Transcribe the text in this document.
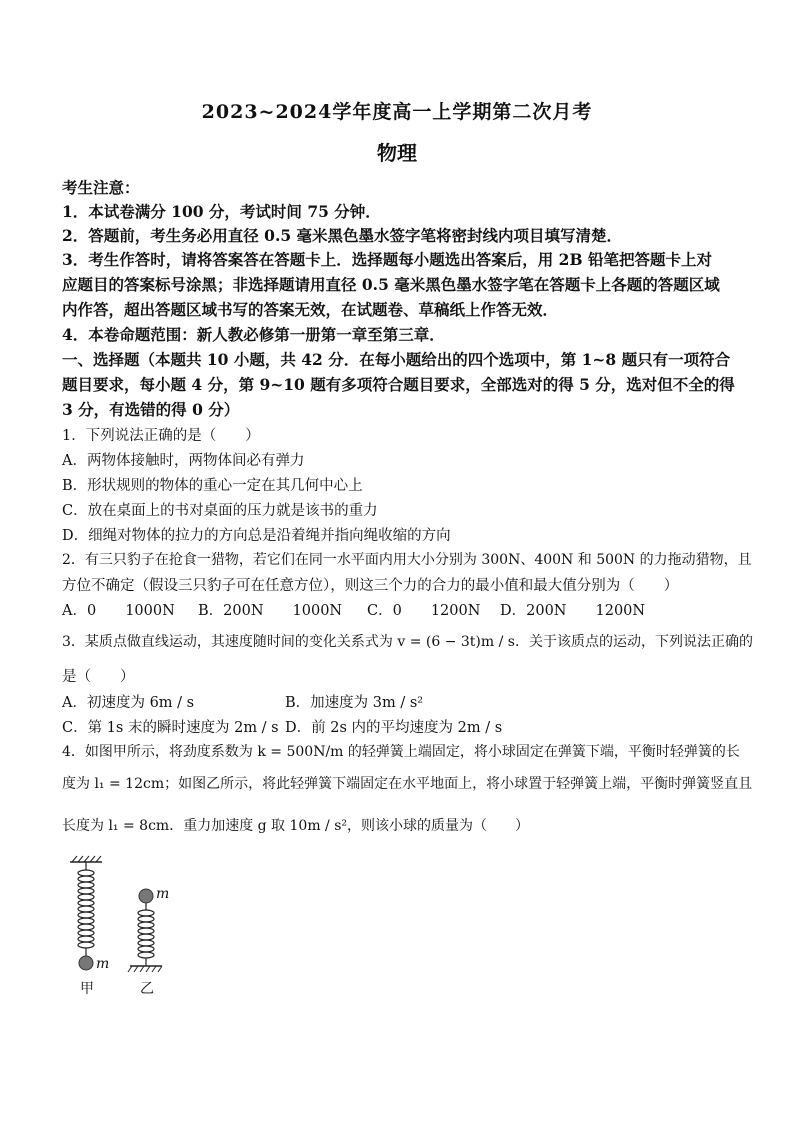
2023~2024学年度高一上学期第二次月考
物理
考生注意：
1．本试卷满分 100 分，考试时间 75 分钟．
2．答题前，考生务必用直径 0.5 毫米黑色墨水签字笔将密封线内项目填写清楚．
3．考生作答时，请将答案答在答题卡上．选择题每小题选出答案后，用 2B 铅笔把答题卡上对
应题目的答案标号涂黑；非选择题请用直径 0.5 毫米黑色墨水签字笔在答题卡上各题的答题区域
内作答，超出答题区域书写的答案无效，在试题卷、草稿纸上作答无效．
4．本卷命题范围：新人教必修第一册第一章至第三章．
一、选择题（本题共 10 小题，共 42 分．在每小题给出的四个选项中，第 1~8 题只有一项符合
题目要求，每小题 4 分，第 9~10 题有多项符合题目要求，全部选对的得 5 分，选对但不全的得
3 分，有选错的得 0 分）
1．下列说法正确的是（　　）
A．两物体接触时，两物体间必有弹力
B．形状规则的物体的重心一定在其几何中心上
C．放在桌面上的书对桌面的压力就是该书的重力
D．细绳对物体的拉力的方向总是沿着绳并指向绳收缩的方向
2．有三只豹子在抢食一猎物，若它们在同一水平面内用大小分别为 300N、400N 和 500N 的力拖动猎物，且
方位不确定（假设三只豹子可在任意方位），则这三个力的合力的最小值和最大值分别为（　　）
A．0　　1000N B．200N　　1000N C．0　　1200N D．200N　　1200N
3．某质点做直线运动，其速度随时间的变化关系式为 v = (6 − 3t)m / s．关于该质点的运动，下列说法正确的
是（　　）
A．初速度为 6m / s	B．加速度为 3m / s²
C．第 1s 末的瞬时速度为 2m / s D．前 2s 内的平均速度为 2m / s
4．如图甲所示，将劲度系数为 k = 500N/m 的轻弹簧上端固定，将小球固定在弹簧下端，平衡时轻弹簧的长
度为 l₁ = 12cm；如图乙所示，将此轻弹簧下端固定在水平地面上，将小球置于轻弹簧上端，平衡时弹簧竖直且
长度为 l₁ = 8cm．重力加速度 g 取 10m / s²，则该小球的质量为（　　）
m
m
甲	乙
